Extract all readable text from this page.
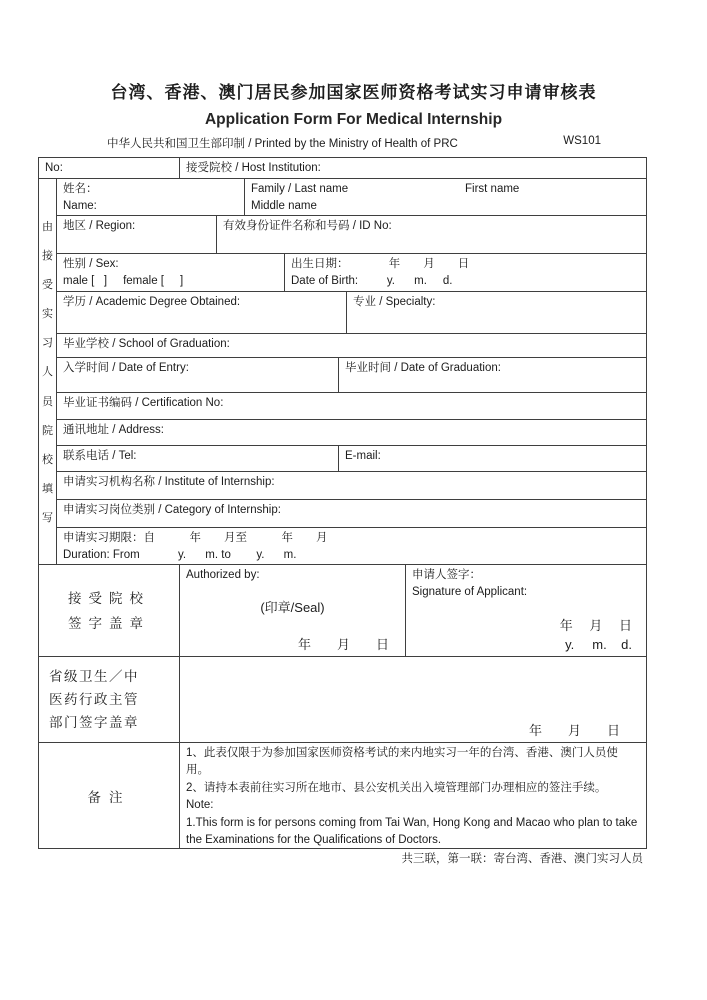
台湾、香港、澳门居民参加国家医师资格考试实习申请审核表
Application Form For Medical Internship
中华人民共和国卫生部印制 / Printed by the Ministry of Health of PRC	WS101
No:	接受院校 / Host Institution:
由
接
受
实
习
人
员
院
校
填
写
姓名：
Name:
Family / Last name	First name
Middle name
地区 / Region:	有效身份证件名称和号码 / ID No:
性别 / Sex:
male [   ]     female [     ]
出生日期：　　　　年　　月　　日
Date of Birth:         y.      m.     d.
学历 / Academic Degree Obtained:	专业 / Specialty:
毕业学校 / School of Graduation:
入学时间 / Date of Entry:	毕业时间 / Date of Graduation:
毕业证书编码 / Certification No:
通讯地址 / Address:
联系电话 / Tel:	E-mail:
申请实习机构名称 / Institute of Internship:
申请实习岗位类别 / Category of Internship:
申请实习期限：自　　　年　　月至　　　年　　月
Duration: From            y.      m. to        y.      m.
接受院校
签字盖章
Authorized by:
(印章/Seal)
年　　月　　日
申请人签字：
Signature of Applicant:
年　 月　 日
y.     m.    d.
省级卫生／中
医药行政主管
部门签字盖章
年　　月　　日
备注
1、此表仅限于为参加国家医师资格考试的来内地实习一年的台湾、香港、澳门人员使用。
2、请持本表前往实习所在地市、县公安机关出入境管理部门办理相应的签注手续。
Note:
1.This form is for persons coming from Tai Wan, Hong Kong and Macao who plan to take the Examinations for the Qualifications of Doctors.
共三联，第一联：寄台湾、香港、澳门实习人员
